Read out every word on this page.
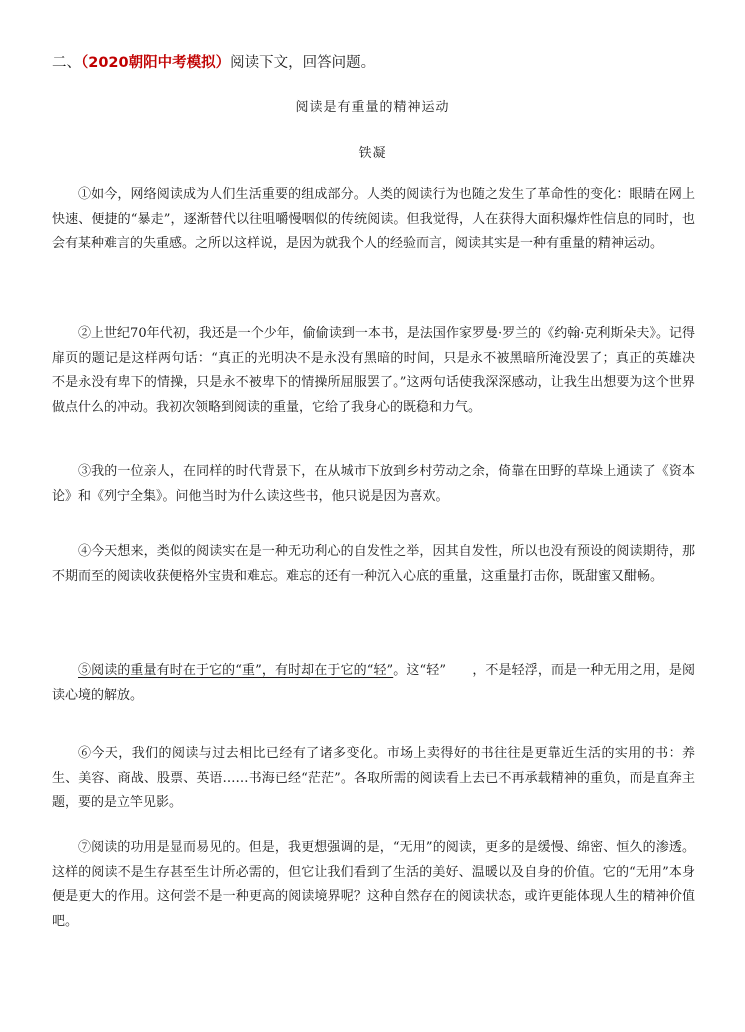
二、（2020朝阳中考模拟）阅读下文，回答问题。
阅读是有重量的精神运动
铁凝

①如今，网络阅读成为人们生活重要的组成部分。人类的阅读行为也随之发生了革命性的变化：眼睛在网上快速、便捷的“暴走”，逐渐替代以往咀嚼慢咽似的传统阅读。但我觉得，人在获得大面积爆炸性信息的同时，也会有某种难言的失重感。之所以这样说，是因为就我个人的经验而言，阅读其实是一种有重量的精神运动。

②上世纪70年代初，我还是一个少年，偷偷读到一本书，是法国作家罗曼·罗兰的《约翰·克利斯朵夫》。记得扉页的题记是这样两句话：“真正的光明决不是永没有黑暗的时间，只是永不被黑暗所淹没罢了；真正的英雄决不是永没有卑下的情操，只是永不被卑下的情操所屈服罢了。”这两句话使我深深感动，让我生出想要为这个世界做点什么的冲动。我初次领略到阅读的重量，它给了我身心的既稳和力气。

③我的一位亲人，在同样的时代背景下，在从城市下放到乡村劳动之余，倚靠在田野的草垛上通读了《资本论》和《列宁全集》。问他当时为什么读这些书，他只说是因为喜欢。

④今天想来，类似的阅读实在是一种无功利心的自发性之举，因其自发性，所以也没有预设的阅读期待，那不期而至的阅读收获便格外宝贵和难忘。难忘的还有一种沉入心底的重量，这重量打击你，既甜蜜又酣畅。

⑤阅读的重量有时在于它的“重”，有时却在于它的“轻”。这“轻”　　，不是轻浮，而是一种无用之用，是阅读心境的解放。

⑥今天，我们的阅读与过去相比已经有了诸多变化。市场上卖得好的书往往是更靠近生活的实用的书：养生、美容、商战、股票、英语……书海已经“茫茫”。各取所需的阅读看上去已不再承载精神的重负，而是直奔主题，要的是立竿见影。

⑦阅读的功用是显而易见的。但是，我更想强调的是，“无用”的阅读，更多的是缓慢、绵密、恒久的渗透。这样的阅读不是生存甚至生计所必需的，但它让我们看到了生活的美好、温暖以及自身的价值。它的“无用”本身便是更大的作用。这何尝不是一种更高的阅读境界呢？这种自然存在的阅读状态，或许更能体现人生的精神价值吧。
